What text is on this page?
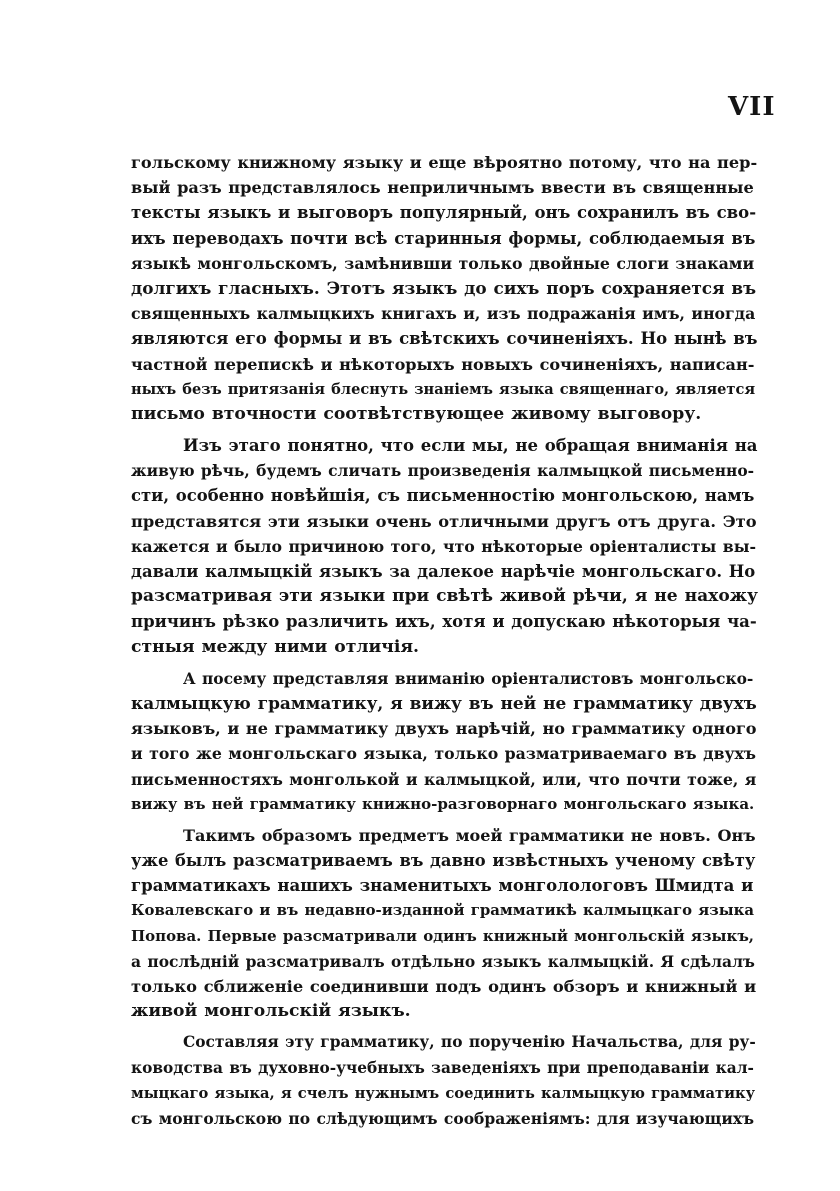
VII
гольскому книжному языку и еще вѣроятно потому, что на пер-
вый разъ представлялось неприличнымъ ввести въ священные
тексты языкъ и выговоръ популярный, онъ сохранилъ въ сво-
ихъ переводахъ почти всѣ старинныя формы, соблюдаемыя въ
языкѣ монгольскомъ, замѣнивши только двойные слоги знаками
долгихъ гласныхъ. Этотъ языкъ до сихъ поръ сохраняется въ
священныхъ калмыцкихъ книгахъ и, изъ подражанія имъ, иногда
являются его формы и въ свѣтскихъ сочиненіяхъ. Но нынѣ въ
частной перепискѣ и нѣкоторыхъ новыхъ сочиненіяхъ, написан-
ныхъ безъ притязанія блеснуть знаніемъ языка священнаго, является
письмо вточности соотвѣтствующее живому выговору.
Изъ этаго понятно, что если мы, не обращая вниманія на
живую рѣчь, будемъ сличать произведенія калмыцкой письменно-
сти, особенно новѣйшія, съ письменностію монгольскою, намъ
представятся эти языки очень отличными другъ отъ друга. Это
кажется и было причиною того, что нѣкоторые оріенталисты вы-
давали калмыцкій языкъ за далекое нарѣчіе монгольскаго. Но
разсматривая эти языки при свѣтѣ живой рѣчи, я не нахожу
причинъ рѣзко различить ихъ, хотя и допускаю нѣкоторыя ча-
стныя между ними отличія.
А посему представляя вниманію оріенталистовъ монгольско-
калмыцкую грамматику, я вижу въ ней не грамматику двухъ
языковъ, и не грамматику двухъ нарѣчій, но грамматику одного
и того же монгольскаго языка, только разматриваемаго въ двухъ
письменностяхъ монголькой и калмыцкой, или, что почти тоже, я
вижу въ ней грамматику книжно-разговорнаго монгольскаго языка.
Такимъ образомъ предметъ моей грамматики не новъ. Онъ
уже былъ разсматриваемъ въ давно извѣстныхъ ученому свѣту
грамматикахъ нашихъ знаменитыхъ монголологовъ Шмидта и
Ковалевскаго и въ недавно-изданной грамматикѣ калмыцкаго языка
Попова. Первые разсматривали одинъ книжный монгольскій языкъ,
а послѣдній разсматривалъ отдѣльно языкъ калмыцкій. Я сдѣлалъ
только сближеніе соединивши подъ одинъ обзоръ и книжный и
живой монгольскій языкъ.
Составляя эту грамматику, по порученію Начальства, для ру-
ководства въ духовно-учебныхъ заведеніяхъ при преподаваніи кал-
мыцкаго языка, я счелъ нужнымъ соединить калмыцкую грамматику
съ монгольскою по слѣдующимъ соображеніямъ: для изучающихъ
